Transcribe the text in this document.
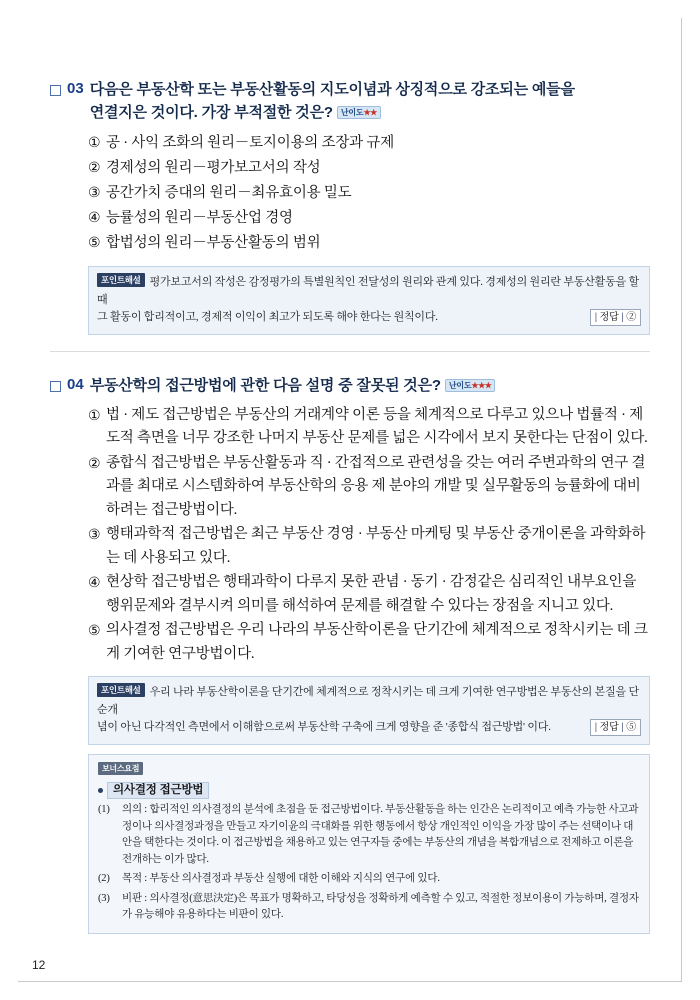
03 다음은 부동산학 또는 부동산활동의 지도이념과 상징적으로 강조되는 예들을
연결지은 것이다. 가장 부적절한 것은? 난이도★★
① 공 · 사익 조화의 원리－토지이용의 조장과 규제
② 경제성의 원리－평가보고서의 작성
③ 공간가치 증대의 원리－최유효이용 밀도
④ 능률성의 원리－부동산업 경영
⑤ 합법성의 원리－부동산활동의 범위
포인트해설 평가보고서의 작성은 감정평가의 특별원칙인 전달성의 원리와 관계 있다. 경제성의 원리란 부동산활동을 할 때
| 정답 | ②
그 활동이 합리적이고, 경제적 이익이 최고가 되도록 해야 한다는 원칙이다.
04 부동산학의 접근방법에 관한 다음 설명 중 잘못된 것은? 난이도★★★
① 법 · 제도 접근방법은 부동산의 거래계약 이론 등을 체계적으로 다루고 있으나 법률적 · 제도적 측면을 너무 강조한 나머지 부동산 문제를 넓은 시각에서 보지 못한다는 단점이 있다.
② 종합식 접근방법은 부동산활동과 직 · 간접적으로 관련성을 갖는 여러 주변과학의 연구 결과를 최대로 시스템화하여 부동산학의 응용 제 분야의 개발 및 실무활동의 능률화에 대비하려는 접근방법이다.
③ 행태과학적 접근방법은 최근 부동산 경영 · 부동산 마케팅 및 부동산 중개이론을 과학화하는 데 사용되고 있다.
④ 현상학 접근방법은 행태과학이 다루지 못한 관념 · 동기 · 감정같은 심리적인 내부요인을 행위문제와 결부시켜 의미를 해석하여 문제를 해결할 수 있다는 장점을 지니고 있다.
⑤ 의사결정 접근방법은 우리 나라의 부동산학이론을 단기간에 체계적으로 정착시키는 데 크게 기여한 연구방법이다.
포인트해설 우리 나라 부동산학이론을 단기간에 체계적으로 정착시키는 데 크게 기여한 연구방법은 부동산의 본질을 단순개
| 정답 | ⑤
념이 아닌 다각적인 측면에서 이해함으로써 부동산학 구축에 크게 영향을 준 '종합식 접근방법' 이다.
보너스요점
의사결정 접근방법
(1)	의의 : 합리적인 의사결정의 분석에 초점을 둔 접근방법이다. 부동산활동을 하는 인간은 논리적이고 예측 가능한 사고과정이나 의사결정과정을 만들고 자기이윤의 극대화를 위한 행동에서 항상 개인적인 이익을 가장 많이 주는 선택이나 대안을 택한다는 것이다. 이 접근방법을 채용하고 있는 연구자들 중에는 부동산의 개념을 복합개념으로 전제하고 이론을 전개하는 이가 많다.
(2)	목적 : 부동산 의사결정과 부동산 실행에 대한 이해와 지식의 연구에 있다.
(3)	비판 : 의사결정(意思決定)은 목표가 명확하고, 타당성을 정확하게 예측할 수 있고, 적절한 정보이용이 가능하며, 결정자가 유능해야 유용하다는 비판이 있다.
12
